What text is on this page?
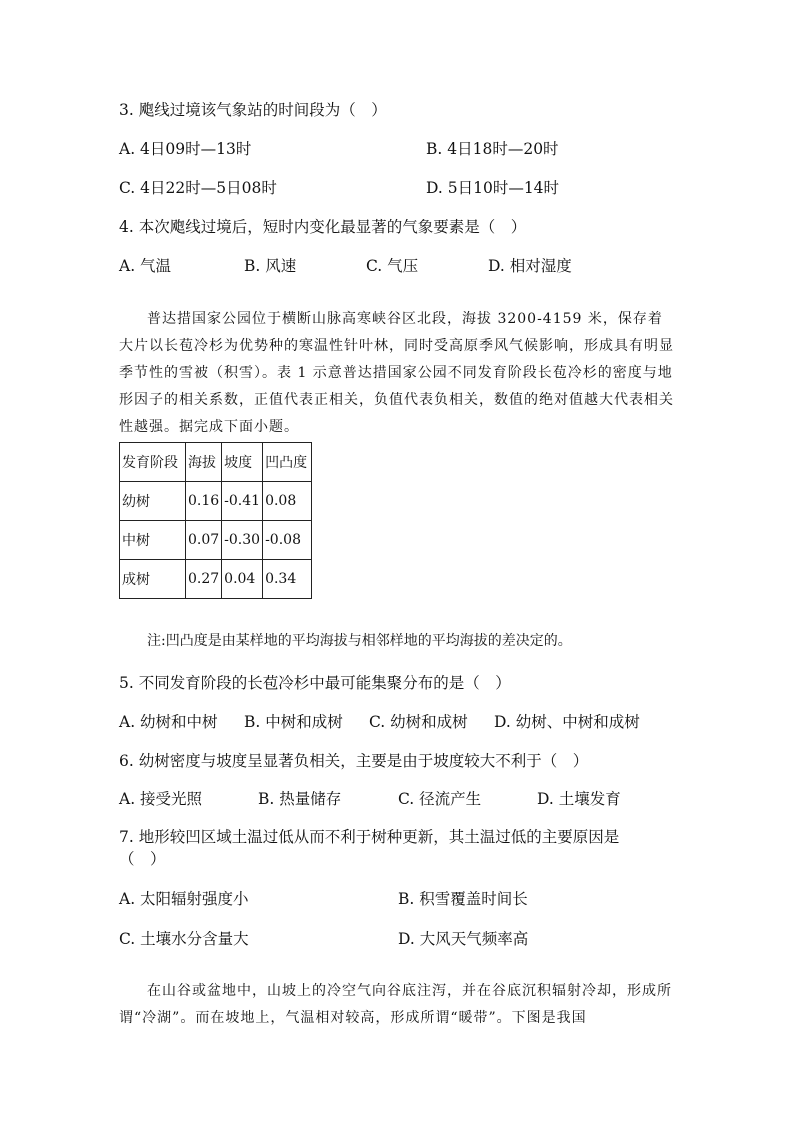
3. 飑线过境该气象站的时间段为（　）
A. 4日09时—13时	B. 4日18时—20时
C. 4日22时—5日08时	D. 5日10时—14时
4. 本次飑线过境后，短时内变化最显著的气象要素是（　）
A. 气温	B. 风速	C. 气压	D. 相对湿度
普达措国家公园位于横断山脉高寒峡谷区北段，海拔 3200-4159 米，保存着大片以长苞冷杉为优势种的寒温性针叶林，同时受高原季风气候影响，形成具有明显季节性的雪被（积雪）。表 1 示意普达措国家公园不同发育阶段长苞冷杉的密度与地形因子的相关系数，正值代表正相关，负值代表负相关，数值的绝对值越大代表相关性越强。据完成下面小题。
发育阶段	海拔	坡度	凹凸度
幼树	0.16	-0.41	0.08
中树	0.07	-0.30	-0.08
成树	0.27	0.04	0.34
注:凹凸度是由某样地的平均海拔与相邻样地的平均海拔的差决定的。
5. 不同发育阶段的长苞冷杉中最可能集聚分布的是（　）
A. 幼树和中树 B. 中树和成树 C. 幼树和成树 D. 幼树、中树和成树
6. 幼树密度与坡度呈显著负相关，主要是由于坡度较大不利于（　）
A. 接受光照	B. 热量储存	C. 径流产生	D. 土壤发育
7. 地形较凹区域土温过低从而不利于树种更新，其土温过低的主要原因是
（　）
A. 太阳辐射强度小	B. 积雪覆盖时间长
C. 土壤水分含量大	D. 大风天气频率高
在山谷或盆地中，山坡上的冷空气向谷底注泻，并在谷底沉积辐射冷却，形成所谓“冷湖”。而在坡地上，气温相对较高，形成所谓“暖带”。下图是我国
